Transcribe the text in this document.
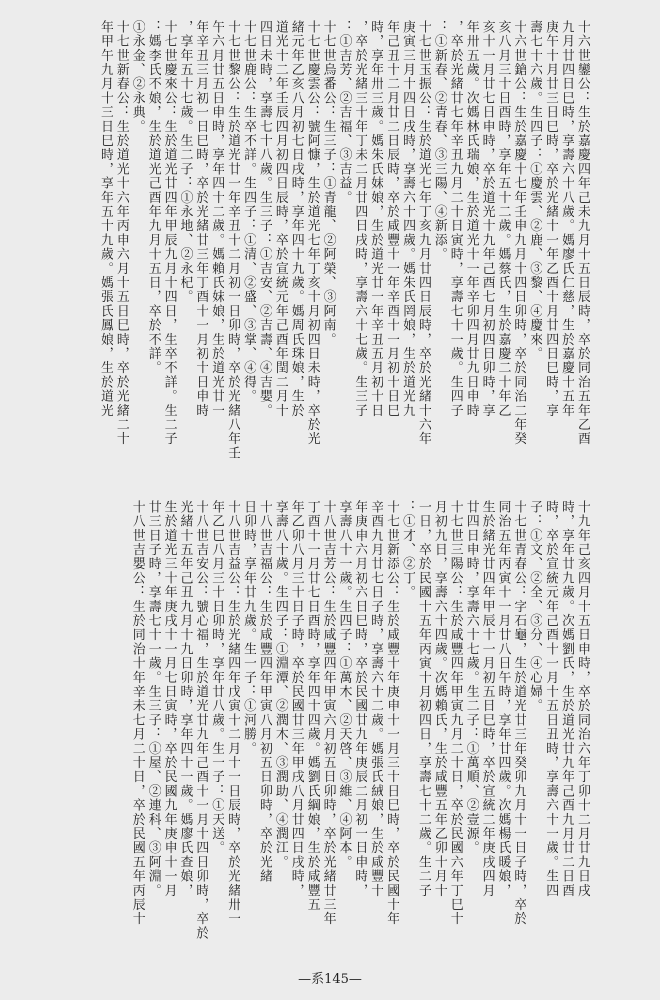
十六世鑾公：生於嘉慶四年己未九月十五日辰時，卒於同治五年乙酉
九月廿四日巳時，享壽六十八歲。媽廖氏仁慈，生於嘉慶十五年
庚午十月廿三日巳時，卒於光緒十一年乙酉十月廿四日巳時，享
壽七十六歲。生四子：①慶雲、②鹿、③黎、④慶來。
十六世鎗公：生於嘉慶十七年壬申九月十四日卯時，卒於同治二年癸
亥八月三十日酉時，享年五十二歲。媽蔡氏，生於嘉慶二十年乙
亥十一月廿七日申時，卒於道光十九年己酉七月初四日卯時，享
年卅五歲。次媽林氏瑞娘，生於道光十一年辛卯四月廿九日申時
，卒於光緒廿七年辛丑九月二十日寅時，享壽七十一歲。生四子
：①新春、②青春、③三陽、④新添。
十七世玉振公：生於道光七年丁亥九月廿四日辰時，卒於光緒十六年
庚寅三月十四日戌時，享壽六十四歲。媽朱氏罔娘，生於道光九
年己丑十二月廿二日辰時，卒於咸豐十一年辛酉十一月初十日巳
時，享年卅三歲。媽朱氏妹娘，生於道光廿一年辛丑五月初十日
，卒於光緒三十年丁未二月廿四日戌時，享壽六十七歲。生三子
：①吉芳、②吉福、③吉益。
十七世烏番公：生三子：①青龍、②阿榮、③阿南。
十七世慶雲公：號阿慷，生於道光七年丁亥十月初四日未時，卒於光
緒元年乙亥八月初七日戌時，享年四十九歲。媽周氏珠娘，生於
道光十二年壬辰四月初四日辰時，卒於宣統元年己酉年閏二月十
四日未時，享壽七十八歲。生三子：①吉安、②吉壽、④吉嬰。
十七世鹿公：生卒不詳。生四子：①清、②盛、③掌、④得。
十七世黎公：生於道光廿一年辛丑十二月初一日卯時，卒於光緒八年壬
午六月廿五日申時，享年四十二歲。媽賴氏妹娘，生於道光廿一
年辛丑三月初一日巳時，卒於光緒廿三年丁酉十一月初十日申時
，享年五十七歲。生二子：①永地、②永杞。
十七世慶來公：生於道光廿四年甲辰九月十四日，生卒不詳。生二子
：媽李氏不娘，生於道光己酉年九月十五日，卒於不詳。
①永金、②永典。
十七世新春公：生於道光十六年丙申六月十五日巳時，卒於光緒二十
年甲午九月十三日巳時，享年五十九歲。媽張氏鳳娘，生於道光
十九年己亥四月十五日申時，卒於同治六年丁卯十二月廿九日戌
時，享年廿九歲。次媽劉氏，生於道光廿九年己酉九月廿二日酉
時，卒於宣統元年己酉十一月十五日丑時，享壽六十一歲。生四
子：①文、②全、③分、④心婦。
十七世青春公：字石龜，生於道光廿三年癸卯九月十一日子時，卒於
同治五年丙寅十一月廿八日午時，享年廿四歲。次媽楊氏暖娘，
生於緒光廿四年甲辰十一月初五日巳時，卒於宣統二年庚戌四月
廿四日申時，享壽六十七歲。生二子：①萬順、②壹源。
十七世三陽公：生於咸豐四年甲寅九月二十日，卒於民國六年丁巳十
月初九日，享壽六十四歲。次媽賴氏，生於咸豐五年乙卯十月十
一日，卒於民國十五年丙寅十月初四日，享壽七十二歲。生二子
：①才、②丁。
十七世新添公：生於咸豐十年庚申十一月三十日巳時，卒於民國十年
辛酉九月廿七日子時，享壽六十二歲。媽張氏絨娘，生於咸豐十
年庚申六月初六日巳時，卒於民國廿九年庚辰二月初一日申時，
享壽八十一歲。生四子：①萬木、②天啓、③維、④阿本。
十八世吉芳公：生於咸豐四年甲寅六月初五日卯時，卒於光緒廿三年
丁酉十一月廿七日酉時，享年四十四歲。媽劉氏綱娘，生於咸豐五
年乙卯八月三十日子時，卒於民國廿三年甲戌八月廿四日戌時，
享壽八十歲。生四子：①淵潭、②潤木、③潤助、④潤江。
十八世吉福公：生於咸豐四年甲寅八月初五日卯時，卒於光緒
日卯時，享年廿九歲。生一子：①河勝。
十八世吉益公：生於光緒四年戊寅十二月十一日辰時，卒於光緒卅一
年乙巳八月三十日卯時，享年廿八歲。生一子：①天送。
十八世吉安公：號心福，生於道光廿九年己酉十一月十四日卯時，卒於
光緒十五年己丑九月十九日卯時，享年四十一歲。媽廖氏查娘，
生於道光三十年庚戌十一月七日寅時，卒於民國九年庚申十一月
廿三日子時，享壽七十一歲。生三子：①屋、②連科、③阿淵。
十八世吉嬰公：生於同治十年辛未七月二十日，卒於民國五年丙辰十
—系145—
